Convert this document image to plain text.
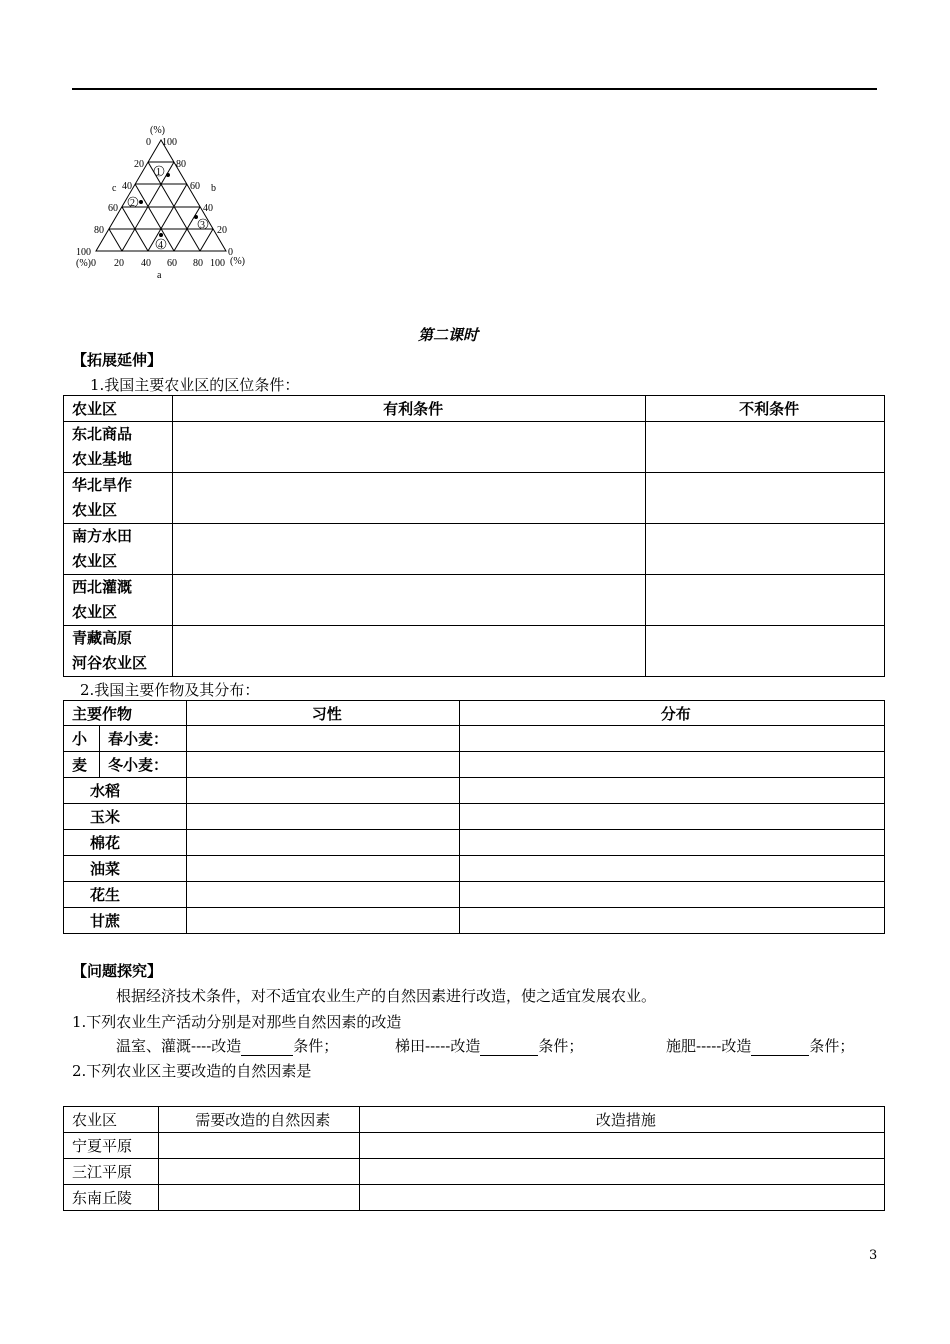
(%)
0 100
20
40
60
80
100
80
60
40
20
0
c	b
(%)0 20 40 60 80 100 (%)
a
1
2
3
4
第二课时
【拓展延伸】
1.我国主要农业区的区位条件：
农业区	有利条件	不利条件
东北商品
农业基地		
华北旱作
农业区		
南方水田
农业区		
西北灌溉
农业区		
青藏高原
河谷农业区		
2.我国主要作物及其分布：
主要作物		习性	分布
小	春小麦：		
麦	冬小麦：		
水稻			
玉米			
棉花			
油菜			
花生			
甘蔗			
【问题探究】
根据经济技术条件，对不适宜农业生产的自然因素进行改造，使之适宜发展农业。
1.下列农业生产活动分别是对那些自然因素的改造
温室、灌溉----改造	条件；	梯田-----改造	条件；	施肥-----改造	条件；
2.下列农业区主要改造的自然因素是
农业区	需要改造的自然因素	改造措施
宁夏平原		
三江平原		
东南丘陵		
3
